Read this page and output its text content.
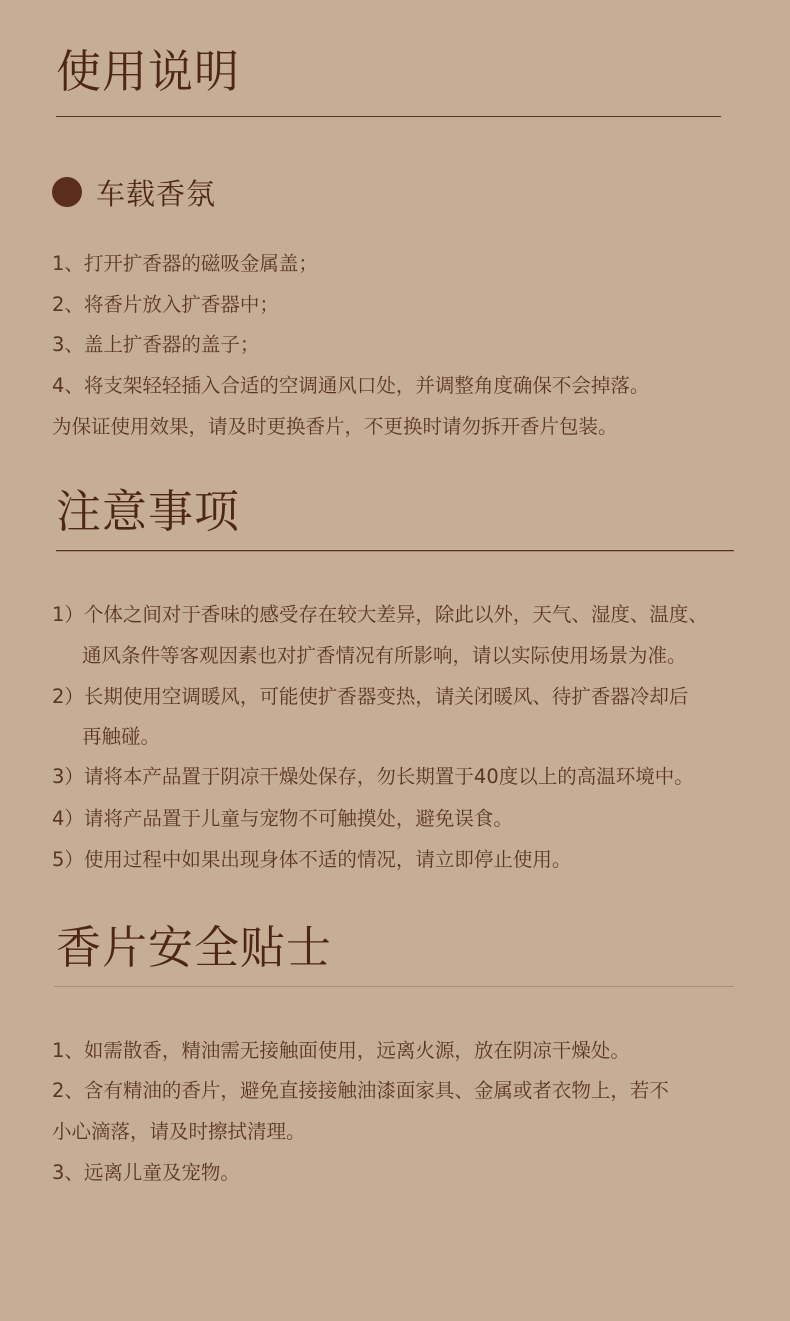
使用说明
车载香氛
1、打开扩香器的磁吸金属盖；
2、将香片放入扩香器中；
3、盖上扩香器的盖子；
4、将支架轻轻插入合适的空调通风口处，并调整角度确保不会掉落。
为保证使用效果，请及时更换香片，不更换时请勿拆开香片包装。
注意事项
1）个体之间对于香味的感受存在较大差异，除此以外，天气、湿度、温度、
通风条件等客观因素也对扩香情况有所影响，请以实际使用场景为准。
2）长期使用空调暖风，可能使扩香器变热，请关闭暖风、待扩香器冷却后
再触碰。
3）请将本产品置于阴凉干燥处保存，勿长期置于40度以上的高温环境中。
4）请将产品置于儿童与宠物不可触摸处，避免误食。
5）使用过程中如果出现身体不适的情况，请立即停止使用。
香片安全贴士
1、如需散香，精油需无接触面使用，远离火源，放在阴凉干燥处。
2、含有精油的香片，避免直接接触油漆面家具、金属或者衣物上，若不
小心滴落，请及时擦拭清理。
3、远离儿童及宠物。
